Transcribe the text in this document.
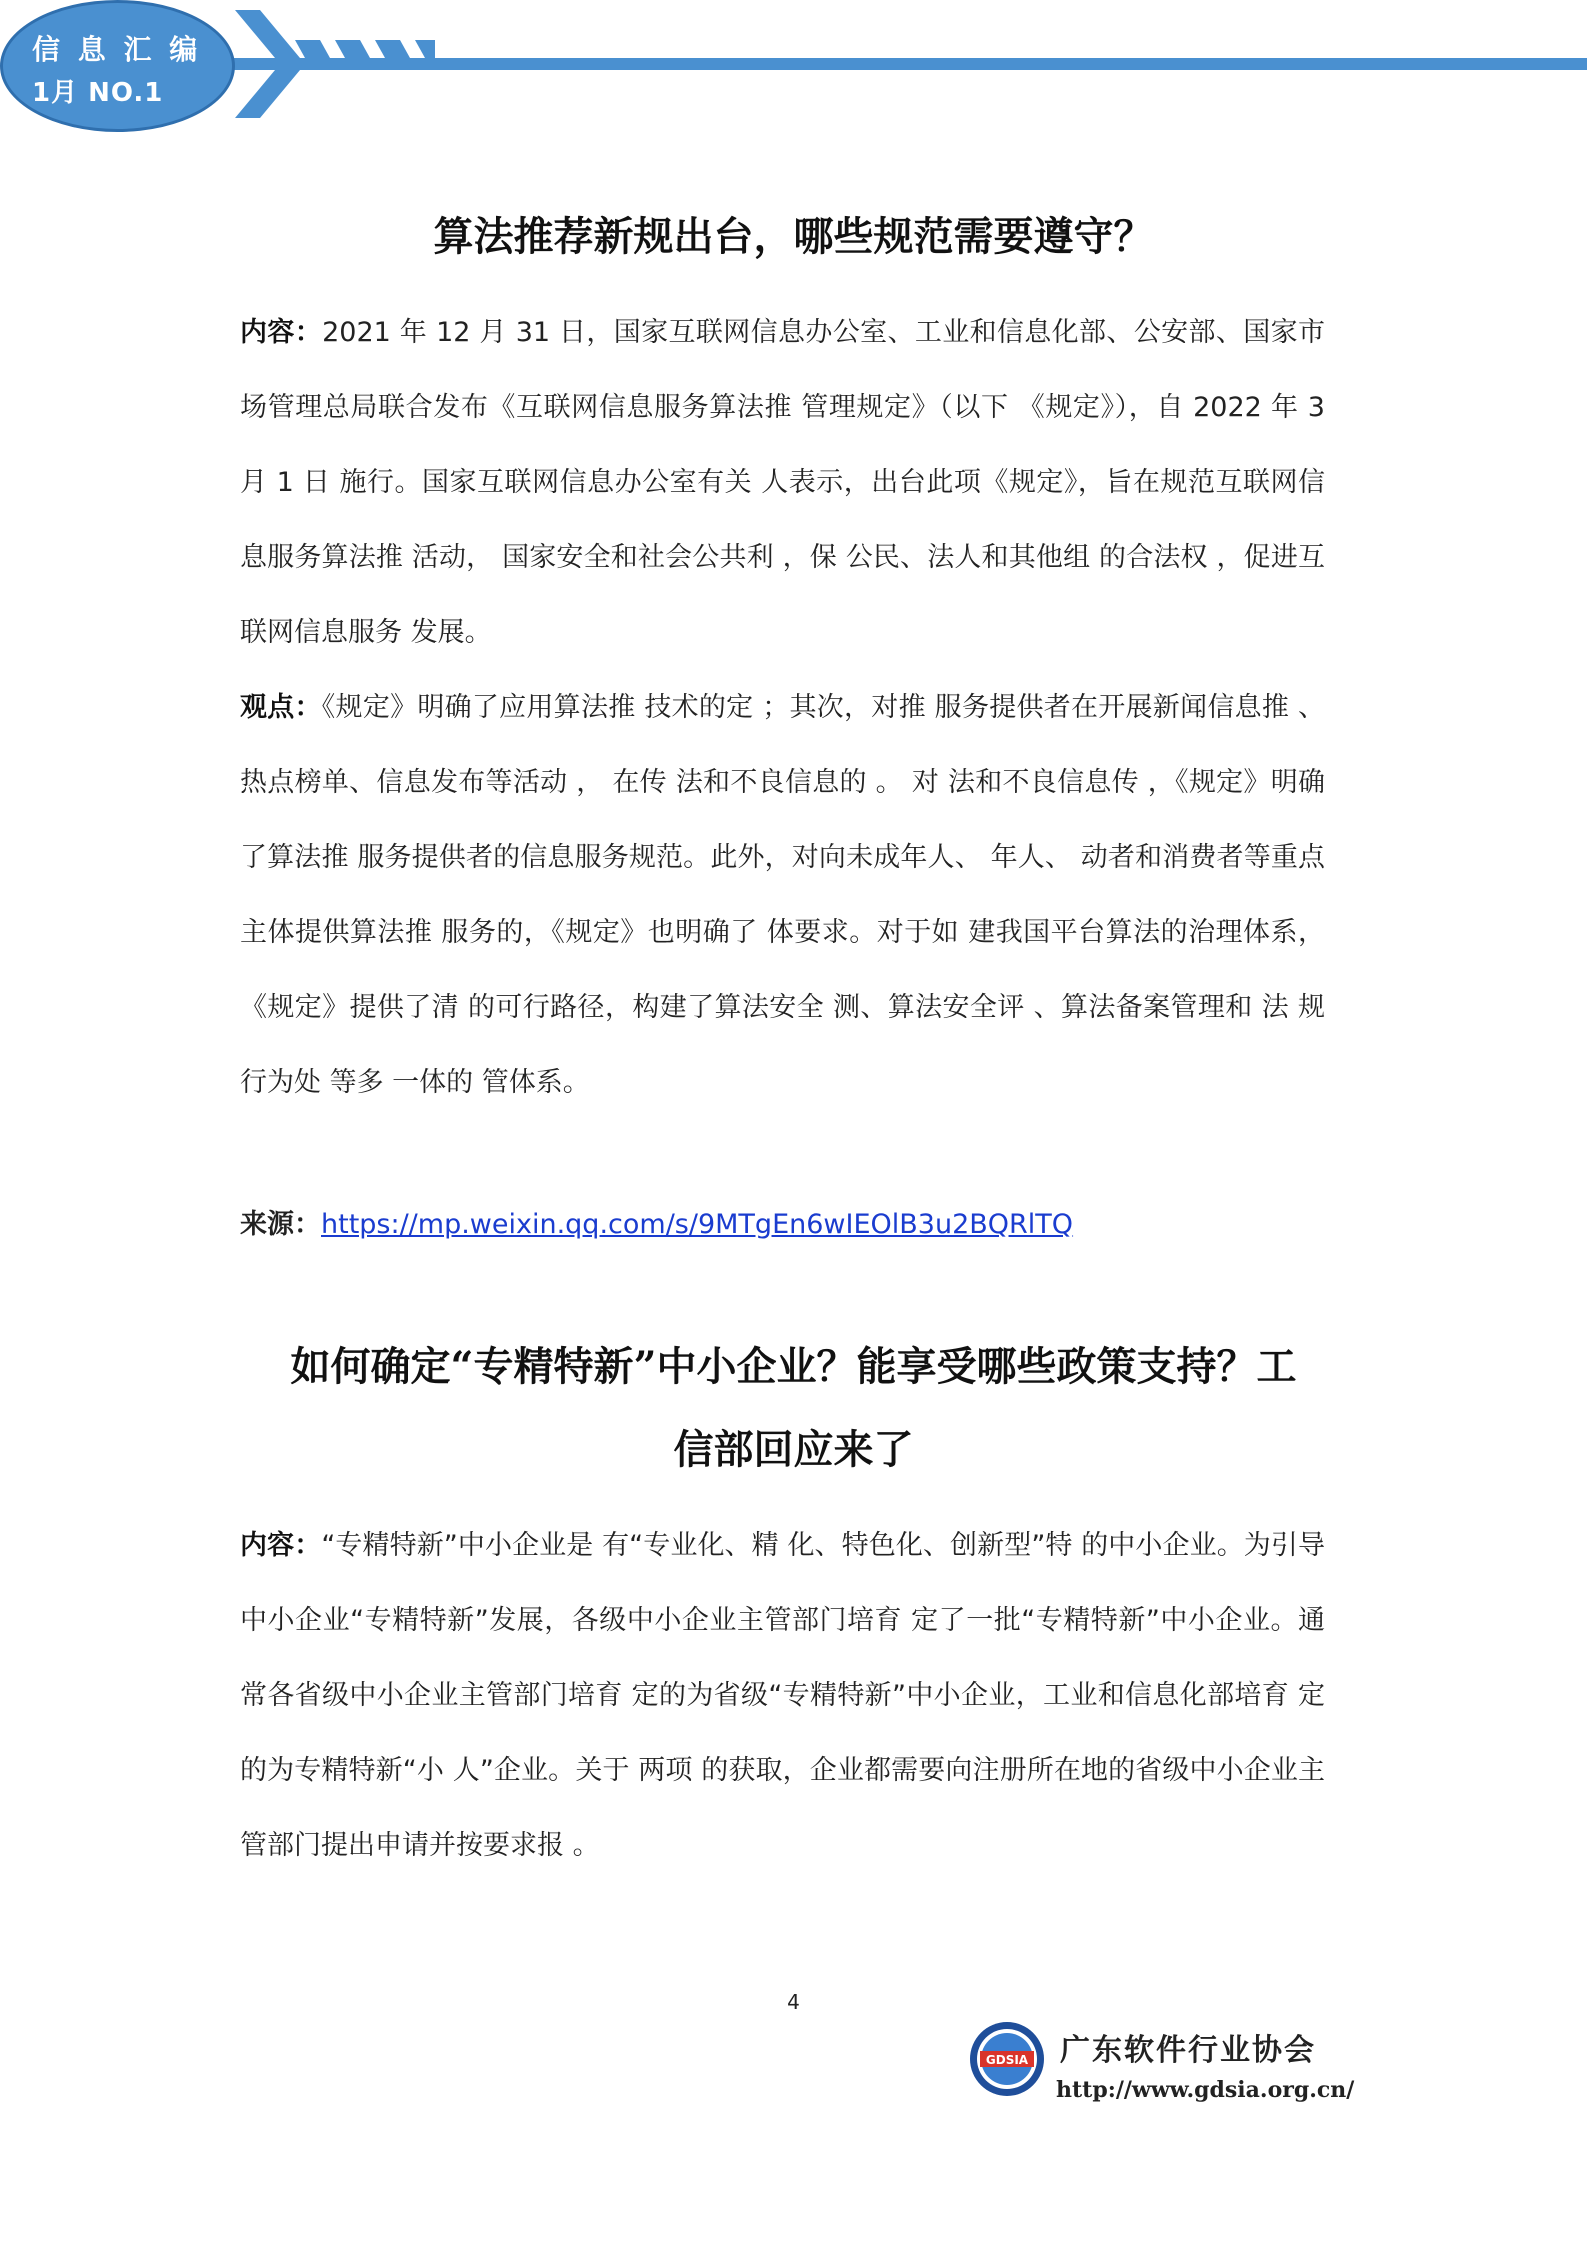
信 息 汇 编
1月 NO.1
算法推荐新规出台，哪些规范需要遵守？

内容：2021 年 12 月 31 日，国家互联网信息办公室、工业和信息化部、公安部、国家市场管理总局联合发布《互联网信息服务算法推 管理规定》（以下 《规定》），自 2022 年 3 月 1 日 施行。国家互联网信息办公室有关 人表示，出台此项《规定》，旨在规范互联网信息服务算法推 活动， 国家安全和社会公共利 ，保 公民、法人和其他组 的合法权 ，促进互联网信息服务 发展。

观点：《规定》明确了应用算法推 技术的定 ；其次，对推 服务提供者在开展新闻信息推 、热点榜单、信息发布等活动 ， 在传 法和不良信息的 。 对 法和不良信息传 ，《规定》明确了算法推 服务提供者的信息服务规范。此外，对向未成年人、 年人、 动者和消费者等重点主体提供算法推 服务的，《规定》也明确了 体要求。对于如 建我国平台算法的治理体系，《规定》提供了清 的可行路径，构建了算法安全 测、算法安全评 、算法备案管理和 法 规行为处 等多 一体的 管体系。

来源：https://mp.weixin.qq.com/s/9MTgEn6wIEOlB3u2BQRlTQ
如何确定“专精特新”中小企业？能享受哪些政策支持？工
信部回应来了

内容：“专精特新”中小企业是 有“专业化、精 化、特色化、创新型”特 的中小企业。为引导中小企业“专精特新”发展，各级中小企业主管部门培育 定了一批“专精特新”中小企业。通常各省级中小企业主管部门培育 定的为省级“专精特新”中小企业，工业和信息化部培育 定的为专精特新“小 人”企业。关于 两项 的获取，企业都需要向注册所在地的省级中小企业主管部门提出申请并按要求报 。

4
GDSIA 广东软件行业协会
http://www.gdsia.org.cn/
